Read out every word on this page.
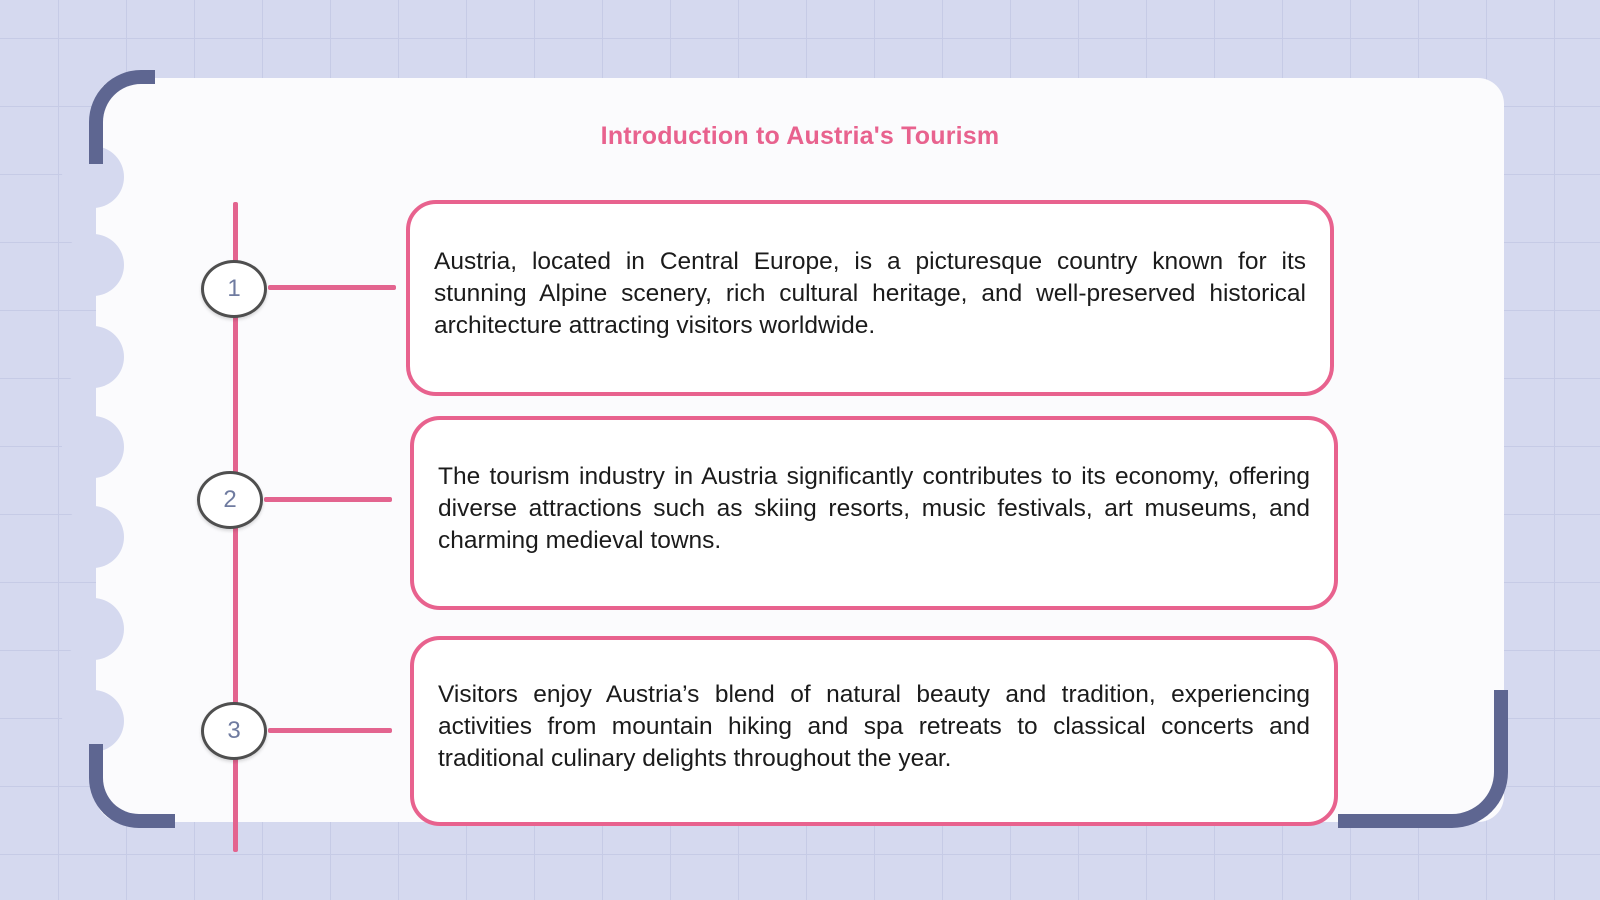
Introduction to Austria's Tourism
1
2
3
Austria, located in Central Europe, is a picturesque country known for its stunning Alpine scenery, rich cultural heritage, and well-preserved historical architecture attracting visitors worldwide.
The tourism industry in Austria significantly contributes to its economy, offering diverse attractions such as skiing resorts, music festivals, art museums, and charming medieval towns.
Visitors enjoy Austria’s blend of natural beauty and tradition, experiencing activities from mountain hiking and spa retreats to classical concerts and traditional culinary delights throughout the year.
